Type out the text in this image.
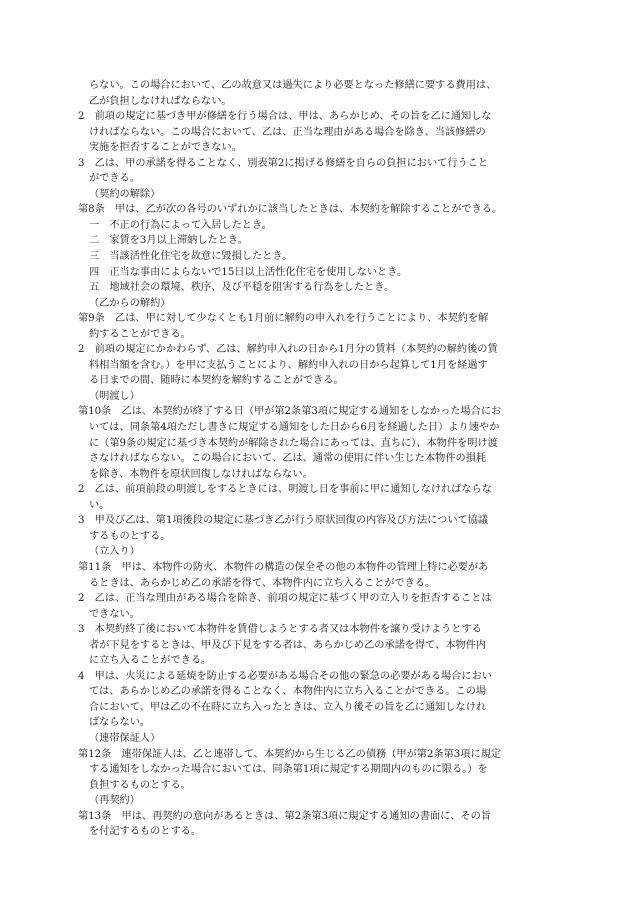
らない。この場合において、乙の故意又は過失により必要となった修繕に要する費用は、
乙が負担しなければならない。
2　前項の規定に基づき甲が修繕を行う場合は、甲は、あらかじめ、その旨を乙に通知しな
ければならない。この場合において、乙は、正当な理由がある場合を除き、当該修繕の
実施を拒否することができない。
3　乙は、甲の承諾を得ることなく、別表第2に掲げる修繕を自らの負担において行うこと
ができる。
（契約の解除）
第8条　甲は、乙が次の各号のいずれかに該当したときは、本契約を解除することができる。
一　不正の行為によって入居したとき。
二　家賃を3月以上滞納したとき。
三　当該活性化住宅を故意に毀損したとき。
四　正当な事由によらないで15日以上活性化住宅を使用しないとき。
五　地域社会の環境、秩序、及び平穏を阻害する行為をしたとき。
（乙からの解約）
第9条　乙は、甲に対して少なくとも1月前に解約の申入れを行うことにより、本契約を解
約することができる。
2　前項の規定にかかわらず、乙は、解約申入れの日から1月分の賃料（本契約の解約後の賃
料相当額を含む。）を甲に支払うことにより、解約申入れの日から起算して1月を経過す
る日までの間、随時に本契約を解約することができる。
（明渡し）
第10条　乙は、本契約が終了する日（甲が第2条第3項に規定する通知をしなかった場合にお
いては、同条第4項ただし書きに規定する通知をした日から6月を経過した日）より速やか
に（第9条の規定に基づき本契約が解除された場合にあっては、直ちに）、本物件を明け渡
さなければならない。この場合において、乙は、通常の使用に伴い生じた本物件の損耗
を除き、本物件を原状回復しなければならない。
2　乙は、前項前段の明渡しをするときには、明渡し日を事前に甲に通知しなければならな
い。
3　甲及び乙は、第1項後段の規定に基づき乙が行う原状回復の内容及び方法について協議
するものとする。
（立入り）
第11条　甲は、本物件の防火、本物件の構造の保全その他の本物件の管理上特に必要があ
るときは、あらかじめ乙の承諾を得て、本物件内に立ち入ることができる。
2　乙は、正当な理由がある場合を除き、前項の規定に基づく甲の立入りを拒否することは
できない。
3　本契約終了後において本物件を賃借しようとする者又は本物件を譲り受けようとする
者が下見をするときは、甲及び下見をする者は、あらかじめ乙の承諾を得て、本物件内
に立ち入ることができる。
4　甲は、火災による延焼を防止する必要がある場合その他の緊急の必要がある場合におい
ては、あらかじめ乙の承諾を得ることなく、本物件内に立ち入ることができる。この場
合において、甲は乙の不在時に立ち入ったときは、立入り後その旨を乙に通知しなけれ
ばならない。
（連帯保証人）
第12条　連帯保証人は、乙と連帯して、本契約から生じる乙の債務（甲が第2条第3項に規定
する通知をしなかった場合においては、同条第1項に規定する期間内のものに限る。）を
負担するものとする。
（再契約）
第13条　甲は、再契約の意向があるときは、第2条第3項に規定する通知の書面に、その旨
を付記するものとする。
